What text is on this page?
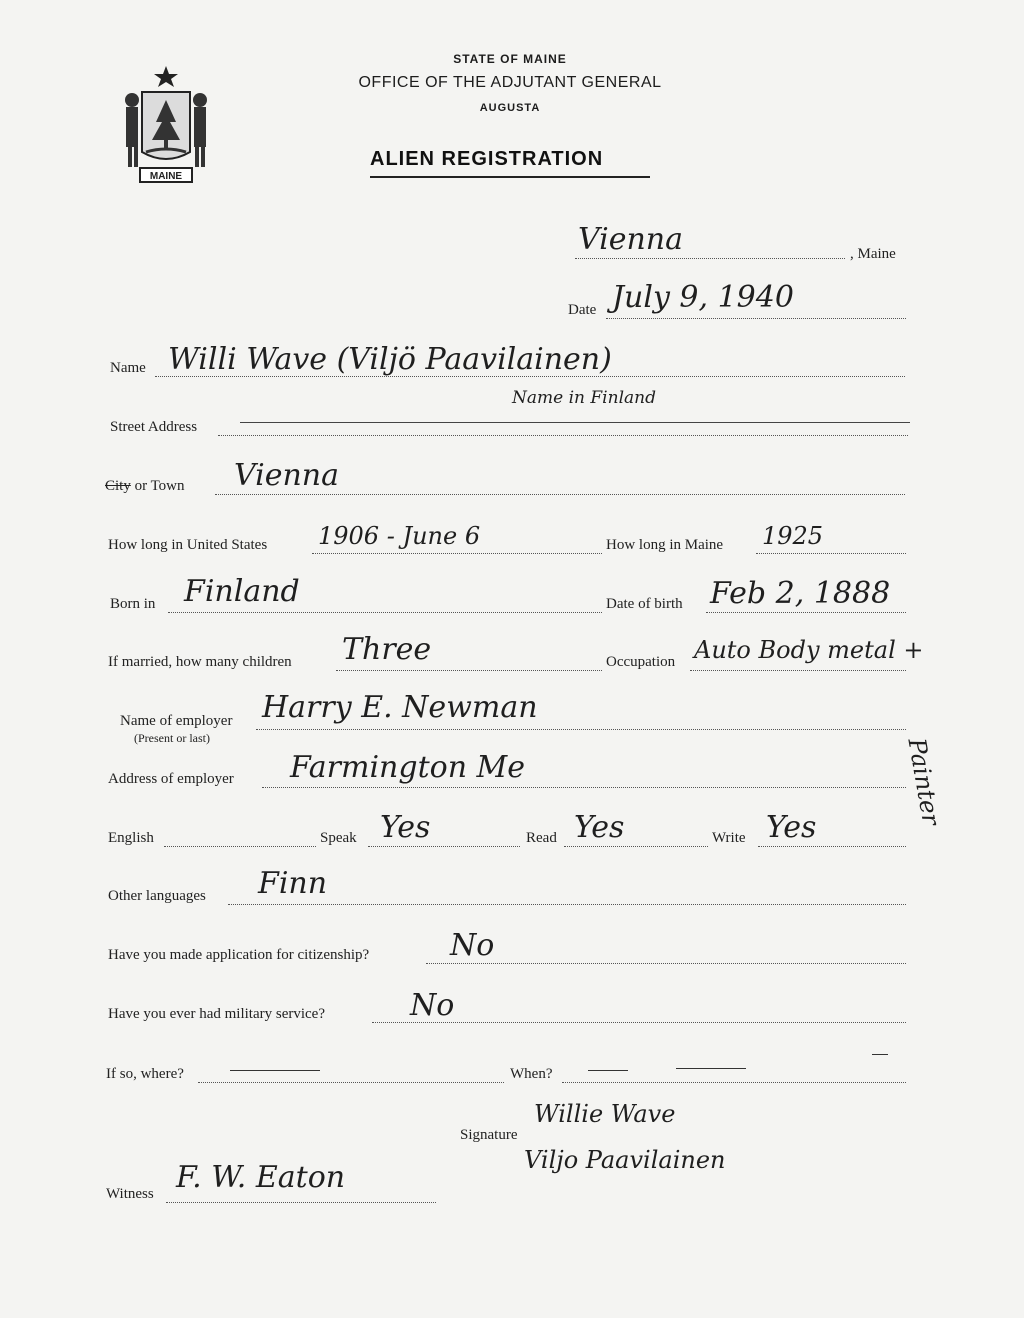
MAINE
STATE OF MAINE
OFFICE OF THE ADJUTANT GENERAL
AUGUSTA
ALIEN REGISTRATION
Vienna	, Maine
Date July 9, 1940
Name Willi Wave (Viljö Paavilainen)
Name in Finland
Street Address
City or Town Vienna
How long in United States 1906 - June 6	How long in Maine 1925
Born in Finland	Date of birth Feb 2, 1888
If married, how many children Three	Occupation Auto Body metal +
Painter
Name of employer
(Present or last)
Harry E. Newman
Address of employer Farmington Me
English	Speak Yes	Read Yes	Write Yes
Other languages Finn
Have you made application for citizenship?	No
Have you ever had military service?	No
If so, where?	When?
Signature
Willie Wave
Viljo Paavilainen
Witness F. W. Eaton
